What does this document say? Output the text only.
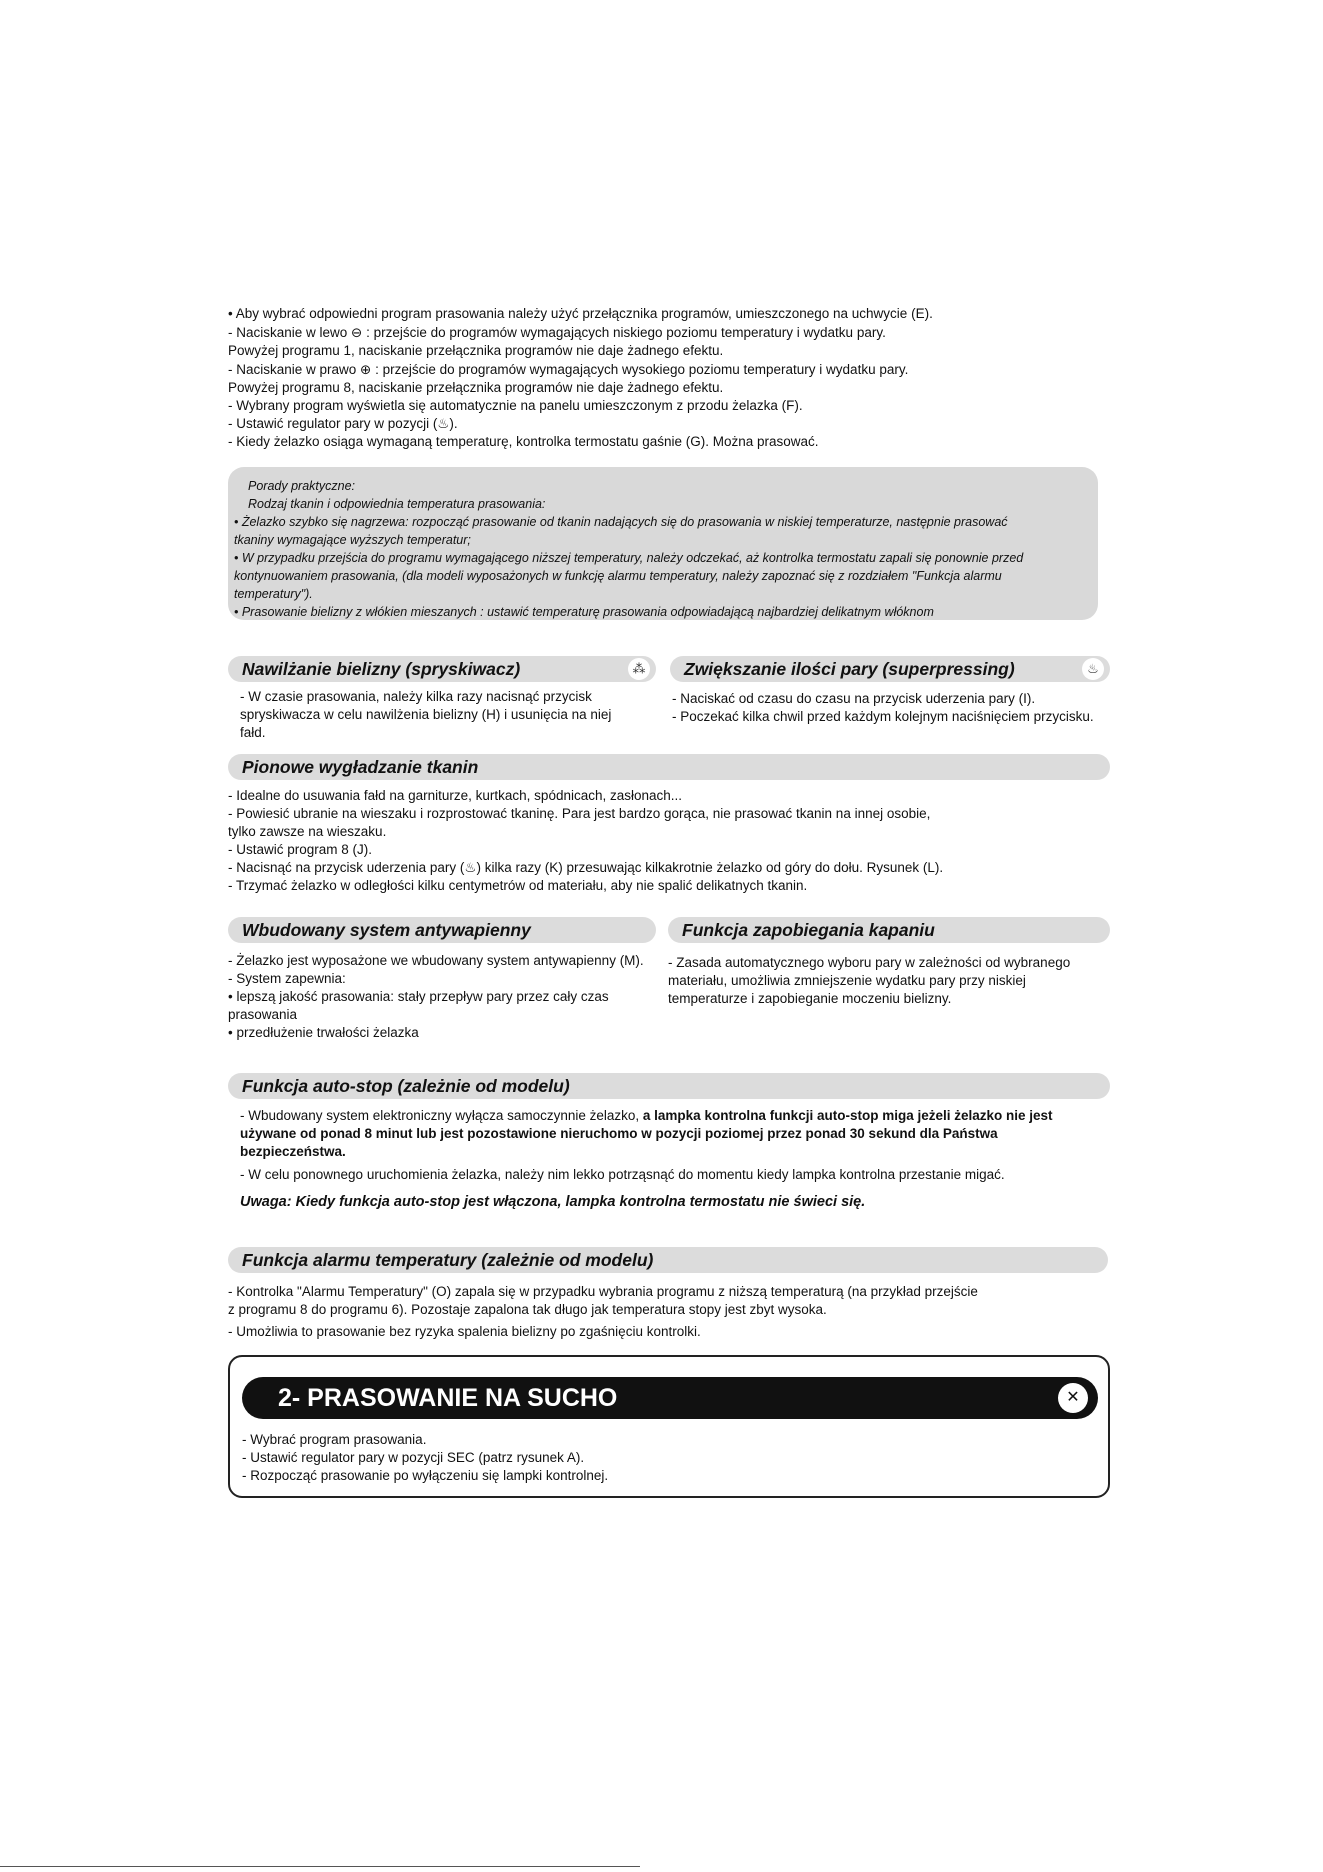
• Aby wybrać odpowiedni program prasowania należy użyć przełącznika programów, umieszczonego na uchwycie (E).
- Naciskanie w lewo ⊖ : przejście do programów wymagających niskiego poziomu temperatury i wydatku pary.
Powyżej programu 1, naciskanie przełącznika programów nie daje żadnego efektu.
- Naciskanie w prawo ⊕ : przejście do programów wymagających wysokiego poziomu temperatury i wydatku pary.
Powyżej programu 8, naciskanie przełącznika programów nie daje żadnego efektu.
- Wybrany program wyświetla się automatycznie na panelu umieszczonym z przodu żelazka (F).
- Ustawić regulator pary w pozycji (♨).
- Kiedy żelazko osiąga wymaganą temperaturę, kontrolka termostatu gaśnie (G). Można prasować.
Porady praktyczne:
Rodzaj tkanin i odpowiednia temperatura prasowania:
• Żelazko szybko się nagrzewa: rozpocząć prasowanie od tkanin nadających się do prasowania w niskiej temperaturze, następnie prasować
tkaniny wymagające wyższych temperatur;
• W przypadku przejścia do programu wymagającego niższej temperatury, należy odczekać, aż kontrolka termostatu zapali się ponownie przed
kontynuowaniem prasowania, (dla modeli wyposażonych w funkcję alarmu temperatury, należy zapoznać się z rozdziałem "Funkcja alarmu
temperatury").
• Prasowanie bielizny z włókien mieszanych : ustawić temperaturę prasowania odpowiadającą najbardziej delikatnym włóknom
Nawilżanie bielizny (spryskiwacz)	⁂
- W czasie prasowania, należy kilka razy nacisnąć przycisk
spryskiwacza w celu nawilżenia bielizny (H) i usunięcia na niej
fałd.
Zwiększanie ilości pary (superpressing)	♨
- Naciskać od czasu do czasu na przycisk uderzenia pary (I).
- Poczekać kilka chwil przed każdym kolejnym naciśnięciem przycisku.
Pionowe wygładzanie tkanin
- Idealne do usuwania fałd na garniturze, kurtkach, spódnicach, zasłonach...
- Powiesić ubranie na wieszaku i rozprostować tkaninę. Para jest bardzo gorąca, nie prasować tkanin na innej osobie,
tylko zawsze na wieszaku.
- Ustawić program 8 (J).
- Nacisnąć na przycisk uderzenia pary (♨) kilka razy (K) przesuwając kilkakrotnie żelazko od góry do dołu. Rysunek (L).
- Trzymać żelazko w odległości kilku centymetrów od materiału, aby nie spalić delikatnych tkanin.
Wbudowany system antywapienny
- Żelazko jest wyposażone we wbudowany system antywapienny (M).
- System zapewnia:
• lepszą jakość prasowania: stały przepływ pary przez cały czas
prasowania
• przedłużenie trwałości żelazka
Funkcja zapobiegania kapaniu
- Zasada automatycznego wyboru pary w zależności od wybranego
materiału, umożliwia zmniejszenie wydatku pary przy niskiej
temperaturze i zapobieganie moczeniu bielizny.
Funkcja auto-stop (zależnie od modelu)
- Wbudowany system elektroniczny wyłącza samoczynnie żelazko, a lampka kontrolna funkcji auto-stop miga jeżeli żelazko nie jest
używane od ponad 8 minut lub jest pozostawione nieruchomo w pozycji poziomej przez ponad 30 sekund dla Państwa
bezpieczeństwa.
- W celu ponownego uruchomienia żelazka, należy nim lekko potrząsnąć do momentu kiedy lampka kontrolna przestanie migać.
Uwaga: Kiedy funkcja auto-stop jest włączona, lampka kontrolna termostatu nie świeci się.
Funkcja alarmu temperatury (zależnie od modelu)
- Kontrolka "Alarmu Temperatury" (O) zapala się w przypadku wybrania programu z niższą temperaturą (na przykład przejście
z programu 8 do programu 6). Pozostaje zapalona tak długo jak temperatura stopy jest zbyt wysoka.
- Umożliwia to prasowanie bez ryzyka spalenia bielizny po zgaśnięciu kontrolki.
2- PRASOWANIE NA SUCHO	✕
- Wybrać program prasowania.
- Ustawić regulator pary w pozycji SEC (patrz rysunek A).
- Rozpocząć prasowanie po wyłączeniu się lampki kontrolnej.
